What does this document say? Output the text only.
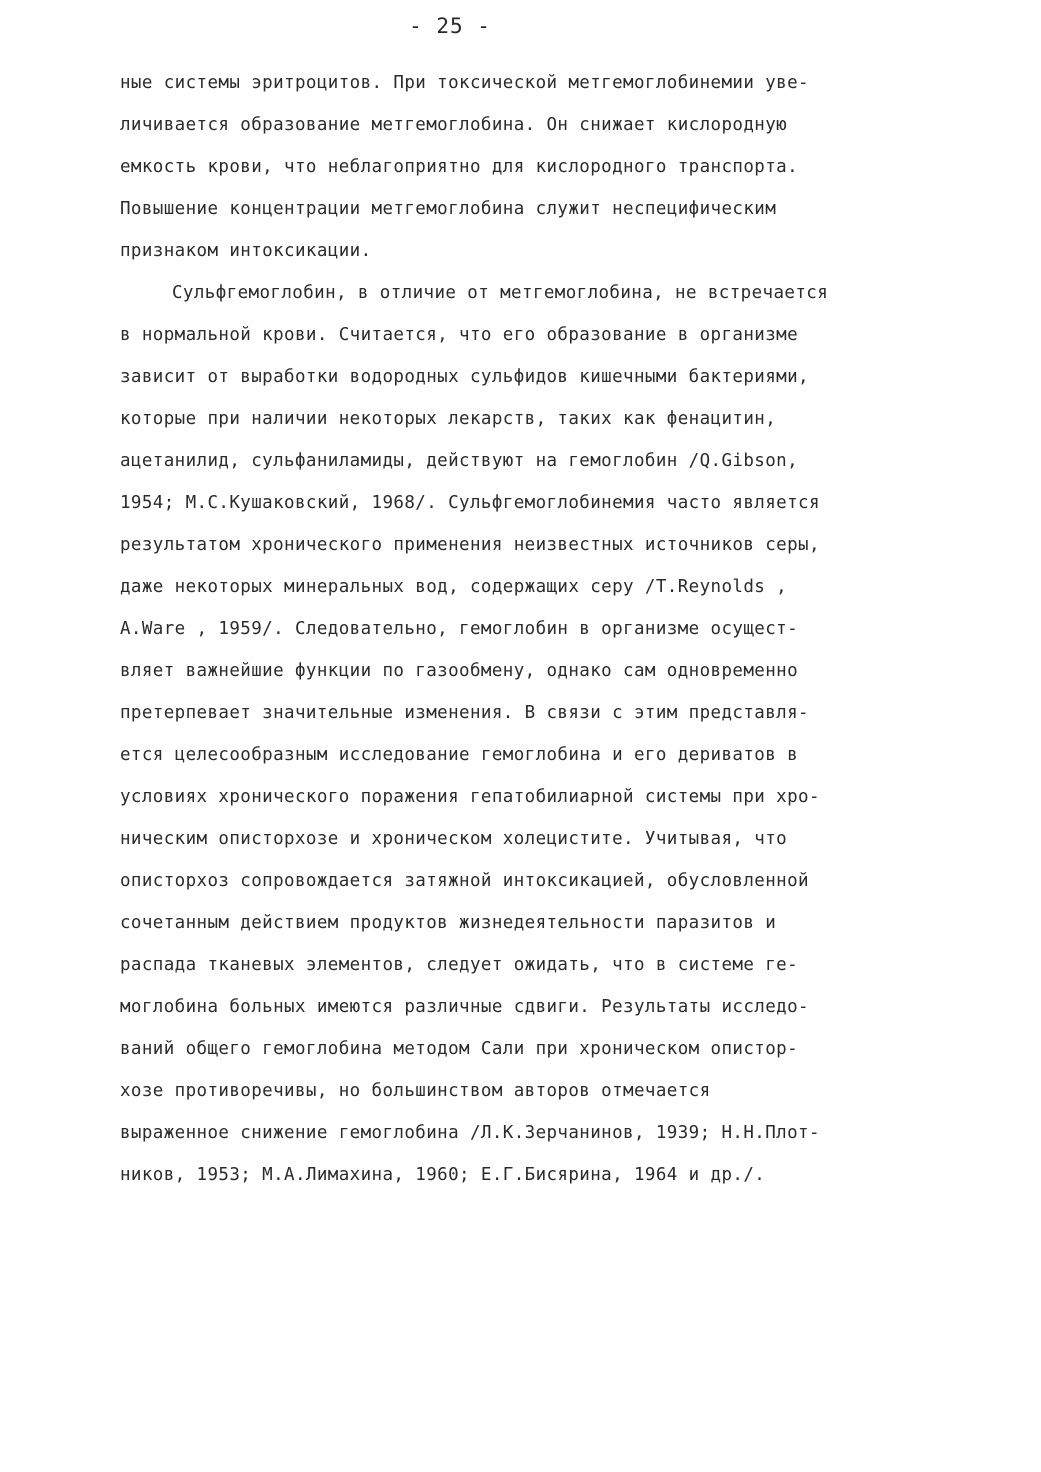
- 25 -
ные системы эритроцитов. При токсической метгемоглобинемии уве-
личивается образование метгемоглобина. Он снижает кислородную
емкость крови, что неблагоприятно для кислородного транспорта.
Повышение концентрации метгемоглобина служит неспецифическим
признаком интоксикации.
Сульфгемоглобин, в отличие от метгемоглобина, не встречается
в нормальной крови. Считается, что его образование в организме
зависит от выработки водородных сульфидов кишечными бактериями,
которые при наличии некоторых лекарств, таких как фенацитин,
ацетанилид, сульфаниламиды, действуют на гемоглобин /Q.Gibson,
1954; М.С.Кушаковский, 1968/. Сульфгемоглобинемия часто является
результатом хронического применения неизвестных источников серы,
даже некоторых минеральных вод, содержащих серу /T.Reynolds ,
A.Ware , 1959/. Следовательно, гемоглобин в организме осущест-
вляет важнейшие функции по газообмену, однако сам одновременно
претерпевает значительные изменения. В связи с этим представля-
ется целесообразным исследование гемоглобина и его дериватов в
условиях хронического поражения гепатобилиарной системы при хро-
ническим описторхозе и хроническом холецистите. Учитывая, что
описторхоз сопровождается затяжной интоксикацией, обусловленной
сочетанным действием продуктов жизнедеятельности паразитов и
распада тканевых элементов, следует ожидать, что в системе ге-
моглобина больных имеются различные сдвиги. Результаты исследо-
ваний общего гемоглобина методом Сали при хроническом опистор-
хозе противоречивы, но большинством авторов отмечается
выраженное снижение гемоглобина /Л.К.Зерчанинов, 1939; Н.Н.Плот-
ников, 1953; М.А.Лимахина, 1960; Е.Г.Бисярина, 1964 и др./.
